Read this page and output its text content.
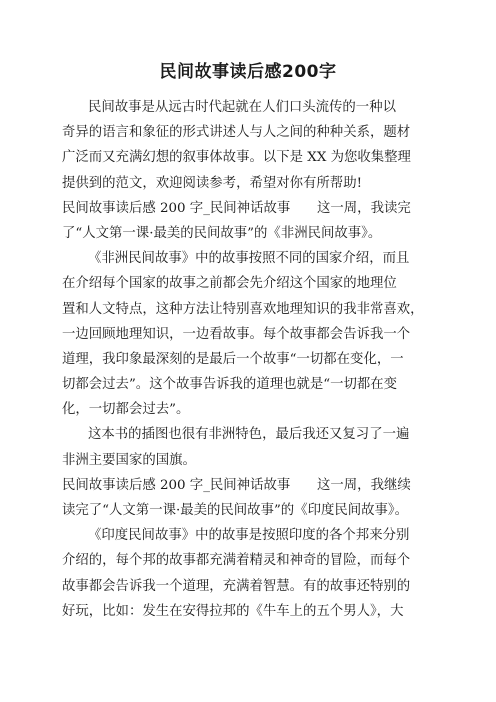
民间故事读后感200字
民间故事是从远古时代起就在人们口头流传的一种以
奇异的语言和象征的形式讲述人与人之间的种种关系，题材
广泛而又充满幻想的叙事体故事。以下是 XX 为您收集整理
提供到的范文，欢迎阅读参考，希望对你有所帮助!
民间故事读后感 200 字_民间神话故事　　这一周，我读完
了“人文第一课·最美的民间故事”的《非洲民间故事》。
《非洲民间故事》中的故事按照不同的国家介绍，而且
在介绍每个国家的故事之前都会先介绍这个国家的地理位
置和人文特点，这种方法让特别喜欢地理知识的我非常喜欢，
一边回顾地理知识，一边看故事。每个故事都会告诉我一个
道理，我印象最深刻的是最后一个故事“一切都在变化，一
切都会过去”。这个故事告诉我的道理也就是“一切都在变
化，一切都会过去”。
这本书的插图也很有非洲特色，最后我还又复习了一遍
非洲主要国家的国旗。
民间故事读后感 200 字_民间神话故事　　这一周，我继续
读完了“人文第一课·最美的民间故事”的《印度民间故事》。
《印度民间故事》中的故事是按照印度的各个邦来分别
介绍的，每个邦的故事都充满着精灵和神奇的冒险，而每个
故事都会告诉我一个道理，充满着智慧。有的故事还特别的
好玩，比如：发生在安得拉邦的《牛车上的五个男人》，大
